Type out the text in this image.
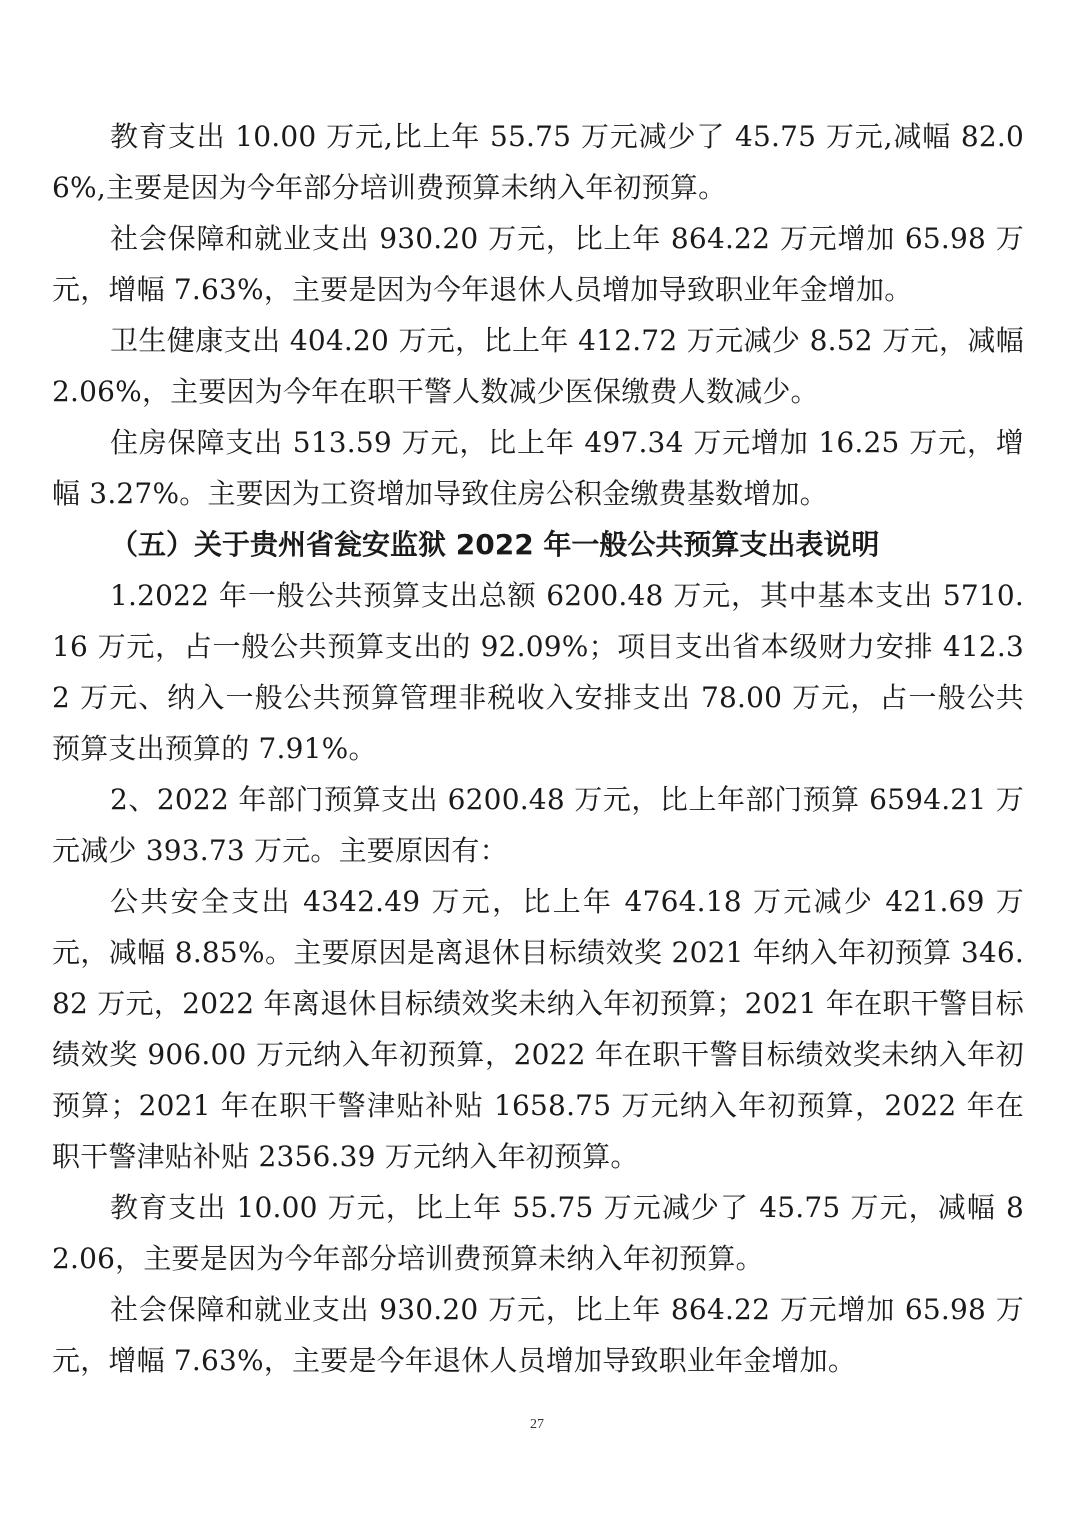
教育支出 10.00 万元,比上年 55.75 万元减少了 45.75 万元,减幅 82.06%,主要是因为今年部分培训费预算未纳入年初预算。

社会保障和就业支出 930.20 万元，比上年 864.22 万元增加 65.98 万元，增幅 7.63%，主要是因为今年退休人员增加导致职业年金增加。

卫生健康支出 404.20 万元，比上年 412.72 万元减少 8.52 万元，减幅 2.06%，主要因为今年在职干警人数减少医保缴费人数减少。

住房保障支出 513.59 万元，比上年 497.34 万元增加 16.25 万元，增幅 3.27%。主要因为工资增加导致住房公积金缴费基数增加。

（五）关于贵州省瓮安监狱 2022 年一般公共预算支出表说明

1.2022 年一般公共预算支出总额 6200.48 万元，其中基本支出 5710.16 万元，占一般公共预算支出的 92.09%；项目支出省本级财力安排 412.32 万元、纳入一般公共预算管理非税收入安排支出 78.00 万元，占一般公共预算支出预算的 7.91%。

2、2022 年部门预算支出 6200.48 万元，比上年部门预算 6594.21 万元减少 393.73 万元。主要原因有：

公共安全支出 4342.49 万元，比上年 4764.18 万元减少 421.69 万元，减幅 8.85%。主要原因是离退休目标绩效奖 2021 年纳入年初预算 346.82 万元，2022 年离退休目标绩效奖未纳入年初预算；2021 年在职干警目标绩效奖 906.00 万元纳入年初预算，2022 年在职干警目标绩效奖未纳入年初预算；2021 年在职干警津贴补贴 1658.75 万元纳入年初预算，2022 年在职干警津贴补贴 2356.39 万元纳入年初预算。

教育支出 10.00 万元，比上年 55.75 万元减少了 45.75 万元，减幅 82.06，主要是因为今年部分培训费预算未纳入年初预算。

社会保障和就业支出 930.20 万元，比上年 864.22 万元增加 65.98 万元，增幅 7.63%，主要是今年退休人员增加导致职业年金增加。

27
